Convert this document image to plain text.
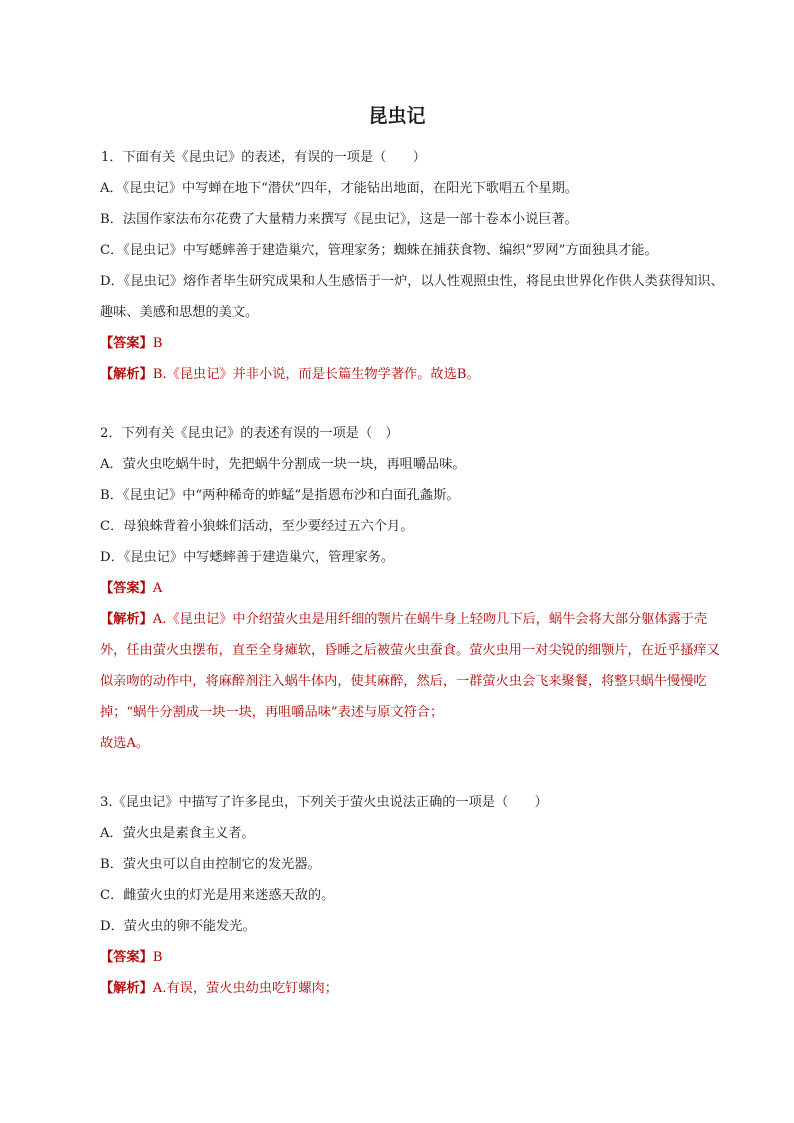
昆虫记
1．下面有关《昆虫记》的表述，有误的一项是（　　）
A．《昆虫记》中写蝉在地下“潜伏”四年，才能钻出地面，在阳光下歌唱五个星期。
B．法国作家法布尔花费了大量精力来撰写《昆虫记》，这是一部十卷本小说巨著。
C．《昆虫记》中写蟋蟀善于建造巢穴，管理家务；蜘蛛在捕获食物、编织“罗网”方面独具才能。
D．《昆虫记》熔作者毕生研究成果和人生感悟于一炉，以人性观照虫性，将昆虫世界化作供人类获得知识、趣味、美感和思想的美文。
【答案】B
【解析】B.《昆虫记》并非小说，而是长篇生物学著作。故选B。
2．下列有关《昆虫记》的表述有误的一项是（　）
A．萤火虫吃蜗牛时，先把蜗牛分割成一块一块，再咀嚼品味。
B．《昆虫记》中“两种稀奇的蚱蜢”是指恩布沙和白面孔螽斯。
C．母狼蛛背着小狼蛛们活动，至少要经过五六个月。
D．《昆虫记》中写蟋蟀善于建造巢穴，管理家务。
【答案】A
【解析】A.《昆虫记》中介绍萤火虫是用纤细的颚片在蜗牛身上轻吻几下后，蜗牛会将大部分躯体露于壳外，任由萤火虫摆布，直至全身瘫软，昏睡之后被萤火虫蚕食。萤火虫用一对尖锐的细颚片，在近乎搔痒又似亲吻的动作中，将麻醉剂注入蜗牛体内，使其麻醉，然后，一群萤火虫会飞来聚餐，将整只蜗牛慢慢吃掉；“蜗牛分割成一块一块，再咀嚼品味”表述与原文符合；
故选A。
3.《昆虫记》中描写了许多昆虫，下列关于萤火虫说法正确的一项是（　　）
A．萤火虫是素食主义者。
B．萤火虫可以自由控制它的发光器。
C．雌萤火虫的灯光是用来迷惑天敌的。
D．萤火虫的卵不能发光。
【答案】B
【解析】A.有误，萤火虫幼虫吃钉螺肉；
